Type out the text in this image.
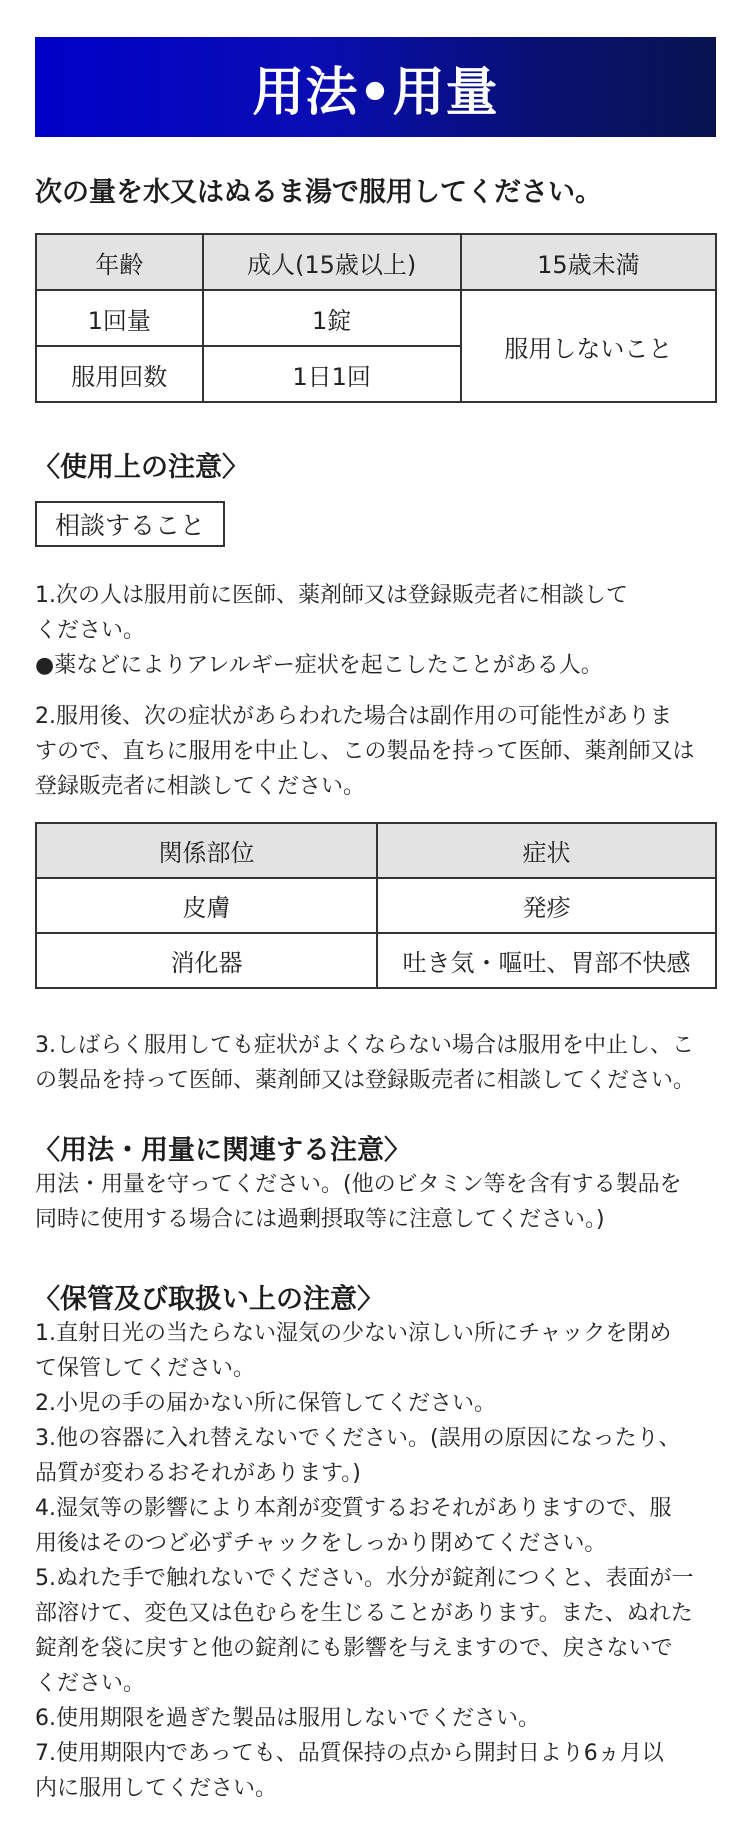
用法•用量
次の量を水又はぬるま湯で服用してください。
年齢	成人(15歳以上)	15歳未満
1回量	1錠	服用しないこと
服用回数	1日1回	
〈使用上の注意〉
相談すること
1.次の人は服用前に医師、薬剤師又は登録販売者に相談して
ください。
●薬などによりアレルギー症状を起こしたことがある人。
2.服用後、次の症状があらわれた場合は副作用の可能性がありま
すので、直ちに服用を中止し、この製品を持って医師、薬剤師又は
登録販売者に相談してください。
関係部位	症状
皮膚	発疹
消化器	吐き気・嘔吐、胃部不快感
3.しばらく服用しても症状がよくならない場合は服用を中止し、こ
の製品を持って医師、薬剤師又は登録販売者に相談してください。
〈用法・用量に関連する注意〉
用法・用量を守ってください。(他のビタミン等を含有する製品を
同時に使用する場合には過剰摂取等に注意してください。)
〈保管及び取扱い上の注意〉
1.直射日光の当たらない湿気の少ない涼しい所にチャックを閉め
て保管してください。
2.小児の手の届かない所に保管してください。
3.他の容器に入れ替えないでください。(誤用の原因になったり、
品質が変わるおそれがあります。)
4.湿気等の影響により本剤が変質するおそれがありますので、服
用後はそのつど必ずチャックをしっかり閉めてください。
5.ぬれた手で触れないでください。水分が錠剤につくと、表面が一
部溶けて、変色又は色むらを生じることがあります。また、ぬれた
錠剤を袋に戻すと他の錠剤にも影響を与えますので、戻さないで
ください。
6.使用期限を過ぎた製品は服用しないでください。
7.使用期限内であっても、品質保持の点から開封日より6ヵ月以
内に服用してください。
